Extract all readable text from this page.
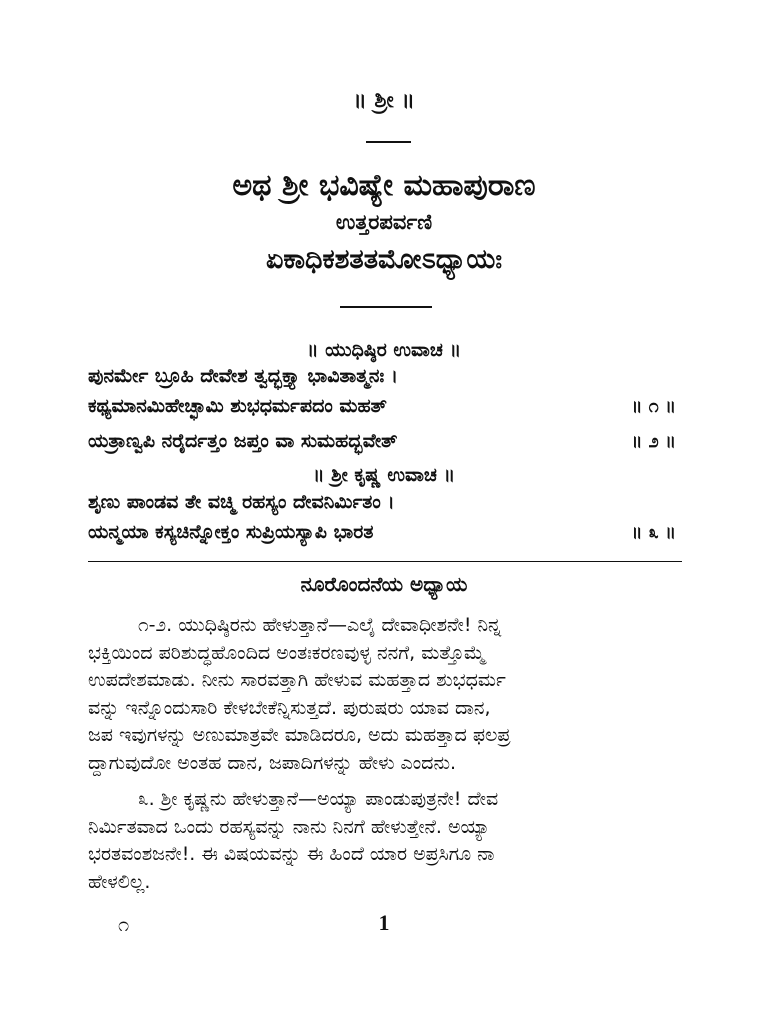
॥ ಶ್ರೀ ॥
ಅಥ ಶ್ರೀ ಭವಿಷ್ಯೇ ಮಹಾಪುರಾಣ
ಉತ್ತರಪರ್ವಣಿ
ಏಕಾಧಿಕಶತತಮೋಽಧ್ಯಾಯಃ
॥ ಯುಧಿಷ್ಠಿರ ಉವಾಚ ॥
ಪುನರ್ಮೇ ಬ್ರೂಹಿ ದೇವೇಶ ತ್ವದ್ಭಕ್ತ್ಯಾ ಭಾವಿತಾತ್ಮನಃ ।
ಕಥ್ಯಮಾನಮಿಹೇಚ್ಛಾಮಿ ಶುಭಧರ್ಮಪದಂ ಮಹತ್	॥ ೧ ॥
ಯತ್ರಾಣ್ವಪಿ ನರೈರ್ದತ್ತಂ ಜಪ್ತಂ ವಾ ಸುಮಹದ್ಭವೇತ್	॥ ೨ ॥
॥ ಶ್ರೀ ಕೃಷ್ಣ ಉವಾಚ ॥
ಶೃಣು ಪಾಂಡವ ತೇ ವಚ್ಮಿ ರಹಸ್ಯಂ ದೇವನಿರ್ಮಿತಂ ।
ಯನ್ಮಯಾ ಕಸ್ಯಚಿನ್ನೋಕ್ತಂ ಸುಪ್ರಿಯಸ್ಯಾಪಿ ಭಾರತ	॥ ೩ ॥
ನೂರೊಂದನೆಯ ಅಧ್ಯಾಯ
೧-೨. ಯುಧಿಷ್ಠಿರನು ಹೇಳುತ್ತಾನೆ—ಎಲೈ ದೇವಾಧೀಶನೇ! ನಿನ್ನ
ಭಕ್ತಿಯಿಂದ ಪರಿಶುದ್ಧಹೊಂದಿದ ಅಂತಃಕರಣವುಳ್ಳ ನನಗೆ, ಮತ್ತೊಮ್ಮೆ
ಉಪದೇಶಮಾಡು. ನೀನು ಸಾರವತ್ತಾಗಿ ಹೇಳುವ ಮಹತ್ತಾದ ಶುಭಧರ್ಮ
ವನ್ನು ಇನ್ನೊಂದುಸಾರಿ ಕೇಳಬೇಕೆನ್ನಿಸುತ್ತದೆ. ಪುರುಷರು ಯಾವ ದಾನ,
ಜಪ ಇವುಗಳನ್ನು ಅಣುಮಾತ್ರವೇ ಮಾಡಿದರೂ, ಅದು ಮಹತ್ತಾದ ಫಲಪ್ರ
ದ್ದಾಗುವುದೋ ಅಂತಹ ದಾನ, ಜಪಾದಿಗಳನ್ನು ಹೇಳು ಎಂದನು.
೩. ಶ್ರೀ ಕೃಷ್ಣನು ಹೇಳುತ್ತಾನೆ—ಅಯ್ಯಾ ಪಾಂಡುಪುತ್ರನೇ! ದೇವ
ನಿರ್ಮಿತವಾದ ಒಂದು ರಹಸ್ಯವನ್ನು ನಾನು ನಿನಗೆ ಹೇಳುತ್ತೇನೆ. ಅಯ್ಯಾ
ಭರತವಂಶಜನೇ!. ಈ ವಿಷಯವನ್ನು ಈ ಹಿಂದೆ ಯಾರ ಅಪ್ರಸಿಗೂ ನಾ
ಹೇಳಲಿಲ್ಲ.
೧	1
